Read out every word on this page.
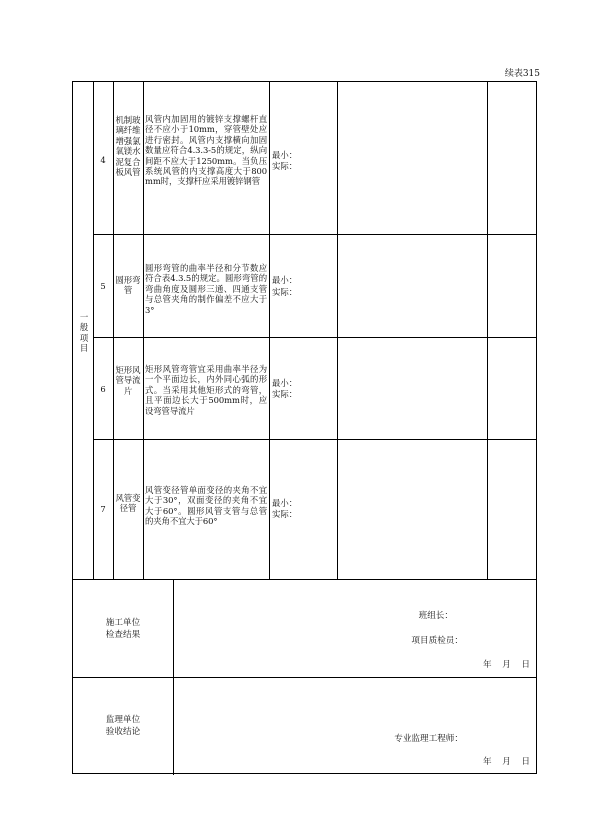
续表315
一般项目
4
机制玻璃纤维增强氯氧镁水泥复合板风管
风管内加固用的镀锌支撑螺杆直径不应小于10mm，穿管壁处应进行密封。风管内支撑横向加固数量应符合4.3.3-5的规定，纵向间距不应大于1250mm。当负压系统风管的内支撑高度大于800mm时，支撑杆应采用镀锌钢管
最小：
实际：
5
圆形弯管
圆形弯管的曲率半径和分节数应符合表4.3.5的规定。圆形弯管的弯曲角度及圆形三通、四通支管与总管夹角的制作偏差不应大于3°
最小：
实际：
6
矩形风管导流片
矩形风管弯管宜采用曲率半径为一个平面边长，内外同心弧的形式。当采用其他矩形式的弯管，且平面边长大于500mm时，应设弯管导流片
最小：
实际：
7
风管变径管
风管变径管单面变径的夹角不宜大于30°，双面变径的夹角不宜大于60°。圆形风管支管与总管的夹角不宜大于60°
最小：
实际：
施工单位
检查结果
班组长：
项目质检员：
年　月　日
监理单位
验收结论
专业监理工程师：
年　月　日
